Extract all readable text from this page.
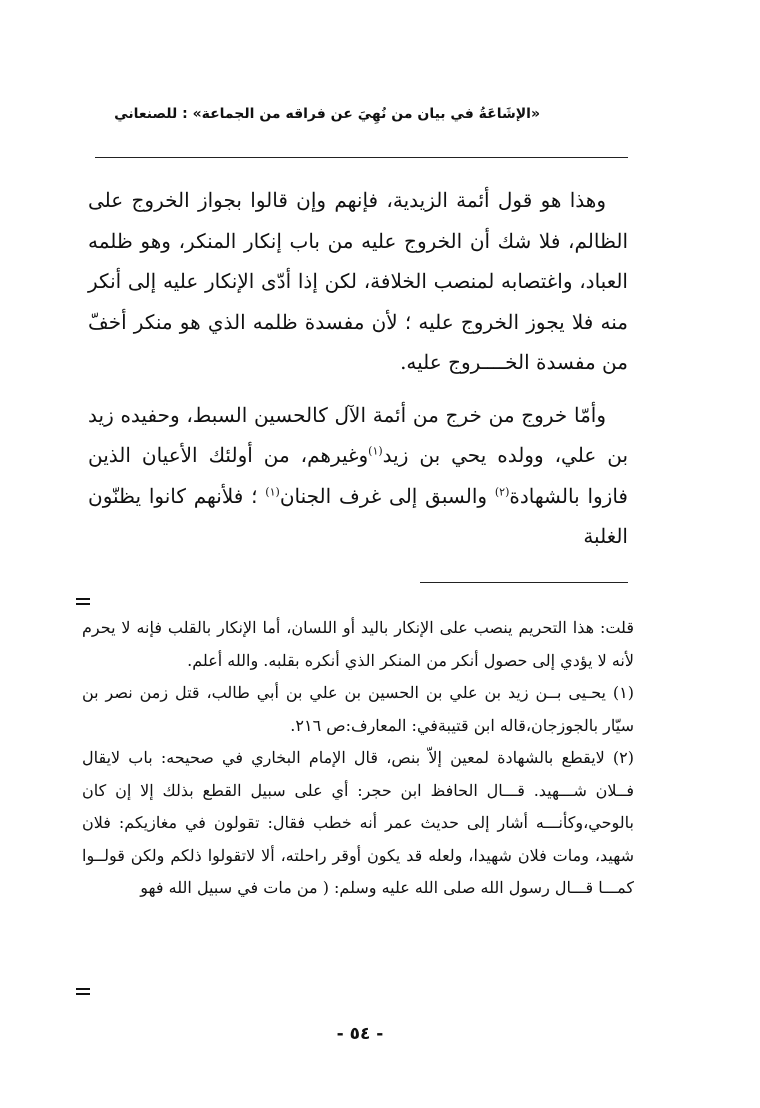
«الإشَاعَةُ في بيان من نُهِيَ عن فراقه من الجماعة» : للصنعاني

وهذا هو قول أئمة الزيدية، فإنهم وإن قالوا بجواز الخروج على الظالم، فلا شك أن الخروج عليه من باب إنكار المنكر، وهو ظلمه العباد، واغتصابه لمنصب الخلافة، لكن إذا أدّى الإنكار عليه إلى أنكر منه فلا يجوز الخروج عليه ؛ لأن مفسدة ظلمه الذي هو منكر أخفّ من مفسدة الخــــروج عليه.

وأمّا خروج من خرج من أئمة الآل كالحسين السبط، وحفيده زيد بن علي، وولده يحي بن زيد$^{(١)}$وغيرهم، من أولئك الأعيان الذين فازوا بالشهادة$^{(٢)}$ والسبق إلى غرف الجنان$^{(١)}$ ؛ فلأنهم كانوا يظنّون الغلبة

قلت: هذا التحريم ينصب على الإنكار باليد أو اللسان، أما الإنكار بالقلب فإنه لا يحرم لأنه لا يؤدي إلى حصول أنكر من المنكر الذي أنكره بقلبه. والله أعلم.

(١) يحـيى بــن زيد بن علي بن الحسين بن علي بن أبي طالب، قتل زمن نصر بن سيّار بالجوزجان،قاله ابن قتيبةفي: المعارف:ص ٢١٦.

(٢) لايقطع بالشهادة لمعين إلاّ بنص، قال الإمام البخاري في صحيحه: باب لايقال فــلان شـــهيد. قـــال الحافظ ابن حجر: أي على سبيل القطع بذلك إلا إن كان بالوحي،وكأنـــه أشار إلى حديث عمر أنه خطب فقال: تقولون في مغازيكم: فلان شهيد، ومات فلان شهيدا، ولعله قد يكون أوقر راحلته، ألا لاتقولوا ذلكم ولكن قولــوا كمـــا قـــال رسول الله صلى الله عليه وسلم: ( من مات في سبيل الله فهو

- ٥٤ -
